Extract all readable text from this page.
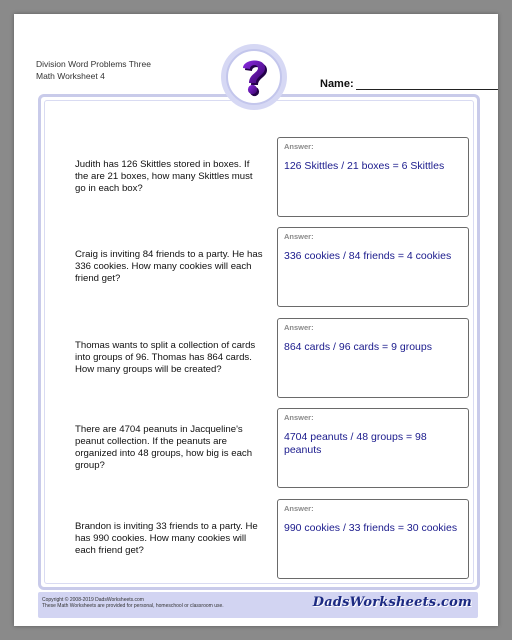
Division Word Problems Three
Math Worksheet 4
Name:
Judith has 126 Skittles stored in boxes. If the are 21 boxes, how many Skittles must go in each box?
Answer:
126 Skittles / 21 boxes = 6 Skittles
Craig is inviting 84 friends to a party. He has 336 cookies. How many cookies will each friend get?
Answer:
336 cookies / 84 friends = 4 cookies
Thomas wants to split a collection of cards into groups of 96. Thomas has 864 cards. How many groups will be created?
Answer:
864 cards / 96 cards = 9 groups
There are 4704 peanuts in Jacqueline's peanut collection. If the peanuts are organized into 48 groups, how big is each group?
Answer:
4704 peanuts / 48 groups = 98 peanuts
Brandon is inviting 33 friends to a party. He has 990 cookies. How many cookies will each friend get?
Answer:
990 cookies / 33 friends = 30 cookies
Copyright © 2008-2019 DadsWorksheets.com
These Math Worksheets are provided for personal, homeschool or classroom use.	DadsWorksheets.com
